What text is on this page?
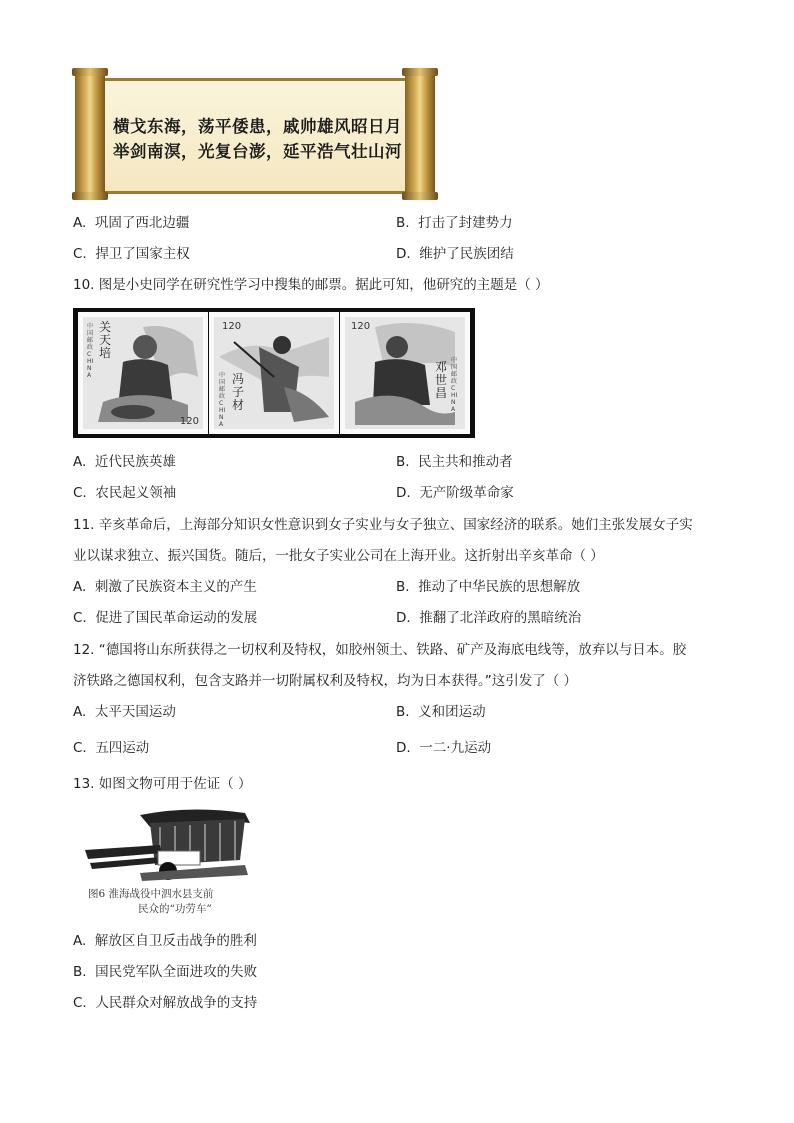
横戈东海，荡平倭患，戚帅雄风昭日月
举剑南溟，光复台澎，延平浩气壮山河
A. 巩固了西北边疆	B. 打击了封建势力
C. 捍卫了国家主权	D. 维护了民族团结
10. 图是小史同学在研究性学习中搜集的邮票。据此可知，他研究的主题是（ ）
中国邮政CHINA
关天培
120
120
中国邮政CHINA
冯子材
120
邓世昌
中国邮政CHINA
A. 近代民族英雄	B. 民主共和推动者
C. 农民起义领袖	D. 无产阶级革命家
11. 辛亥革命后，上海部分知识女性意识到女子实业与女子独立、国家经济的联系。她们主张发展女子实
业以谋求独立、振兴国货。随后，一批女子实业公司在上海开业。这折射出辛亥革命（ ）
A. 刺激了民族资本主义的产生	B. 推动了中华民族的思想解放
C. 促进了国民革命运动的发展	D. 推翻了北洋政府的黑暗统治
12. “德国将山东所获得之一切权利及特权，如胶州领土、铁路、矿产及海底电线等，放弃以与日本。胶
济铁路之德国权利，包含支路并一切附属权利及特权，均为日本获得。”这引发了（ ）
A. 太平天国运动	B. 义和团运动
C. 五四运动	D. 一二·九运动
13. 如图文物可用于佐证（ ）
图6 淮海战役中泗水县支前
民众的“功劳车”
A. 解放区自卫反击战争的胜利
B. 国民党军队全面进攻的失败
C. 人民群众对解放战争的支持
